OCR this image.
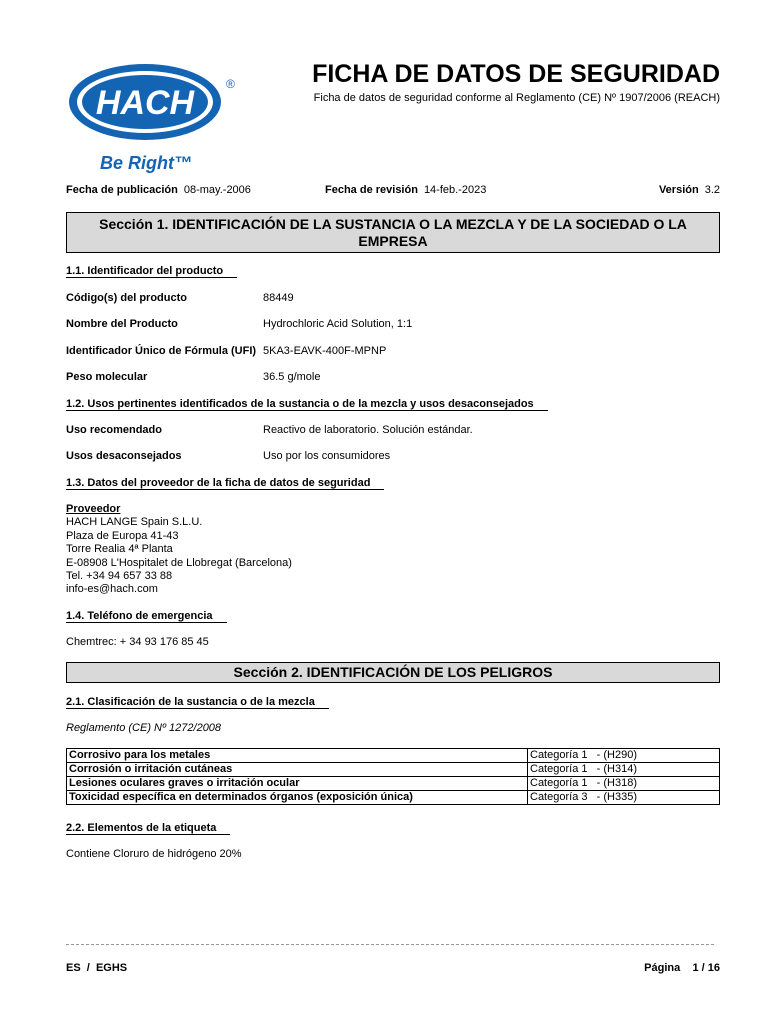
HACH	®
Be Right™
FICHA DE DATOS DE SEGURIDAD
Ficha de datos de seguridad conforme al Reglamento (CE) Nº 1907/2006 (REACH)
Fecha de publicación 08-may.-2006	Fecha de revisión 14-feb.-2023	Versión 3.2
Sección 1. IDENTIFICACIÓN DE LA SUSTANCIA O LA MEZCLA Y DE LA SOCIEDAD O LA EMPRESA
1.1. Identificador del producto
Código(s) del producto	88449
Nombre del Producto	Hydrochloric Acid Solution, 1:1
Identificador Único de Fórmula (UFI) 5KA3-EAVK-400F-MPNP
Peso molecular	36.5 g/mole
1.2. Usos pertinentes identificados de la sustancia o de la mezcla y usos desaconsejados
Uso recomendado	Reactivo de laboratorio. Solución estándar.
Usos desaconsejados	Uso por los consumidores
1.3. Datos del proveedor de la ficha de datos de seguridad
Proveedor
HACH LANGE Spain S.L.U.
Plaza de Europa 41-43
Torre Realia 4ª Planta
E-08908 L'Hospitalet de Llobregat (Barcelona)
Tel. +34 94 657 33 88
info-es@hach.com
1.4. Teléfono de emergencia
Chemtrec: + 34 93 176 85 45
Sección 2. IDENTIFICACIÓN DE LOS PELIGROS
2.1. Clasificación de la sustancia o de la mezcla
Reglamento (CE) Nº 1272/2008
Corrosivo para los metales	Categoría 1   - (H290)
Corrosión o irritación cutáneas	Categoría 1   - (H314)
Lesiones oculares graves o irritación ocular	Categoría 1   - (H318)
Toxicidad específica en determinados órganos (exposición única)	Categoría 3   - (H335)
2.2. Elementos de la etiqueta
Contiene Cloruro de hidrógeno 20%
ES  /  EGHS	Página 1 / 16
